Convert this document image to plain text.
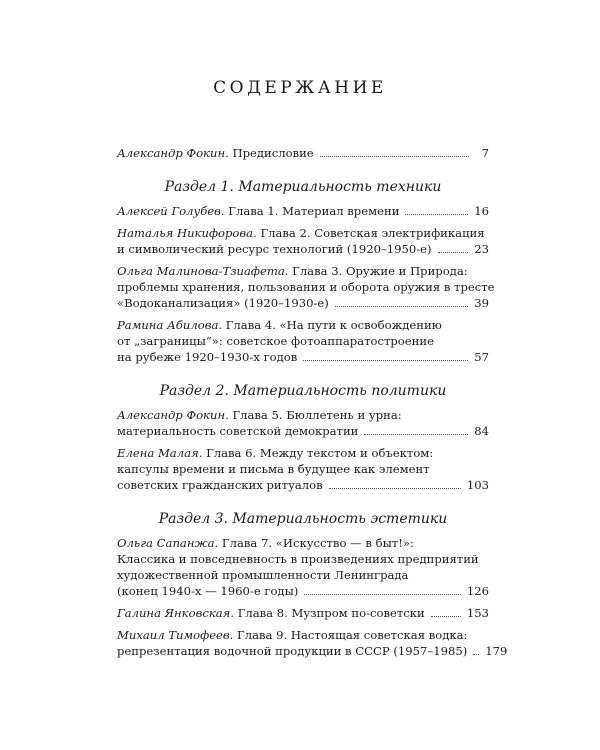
СОДЕРЖАНИЕ
Александр Фокин. Предисловие	7
Раздел 1. Материальность техники
Алексей Голубев. Глава 1. Материал времени	16
Наталья Никифорова. Глава 2. Советская электрификация
и символический ресурс технологий (1920–1950-е)	23
Ольга Малинова-Тзиафета. Глава 3. Оружие и Природа:
проблемы хранения, пользования и оборота оружия в тресте
«Водоканализация» (1920–1930-е)	39
Рамина Абилова. Глава 4. «На пути к освобождению
от „заграницы“»: советское фотоаппаратостроение
на рубеже 1920–1930-х годов	57
Раздел 2. Материальность политики
Александр Фокин. Глава 5. Бюллетень и урна:
материальность советской демократии	84
Елена Малая. Глава 6. Между текстом и объектом:
капсулы времени и письма в будущее как элемент
советских гражданских ритуалов	103
Раздел 3. Материальность эстетики
Ольга Сапанжа. Глава 7. «Искусство — в быт!»:
Классика и повседневность в произведениях предприятий
художественной промышленности Ленинграда
(конец 1940-х — 1960-е годы)	126
Галина Янковская. Глава 8. Музпром по-советски	153
Михаил Тимофеев. Глава 9. Настоящая советская водка:
репрезентация водочной продукции в СССР (1957–1985) 179
